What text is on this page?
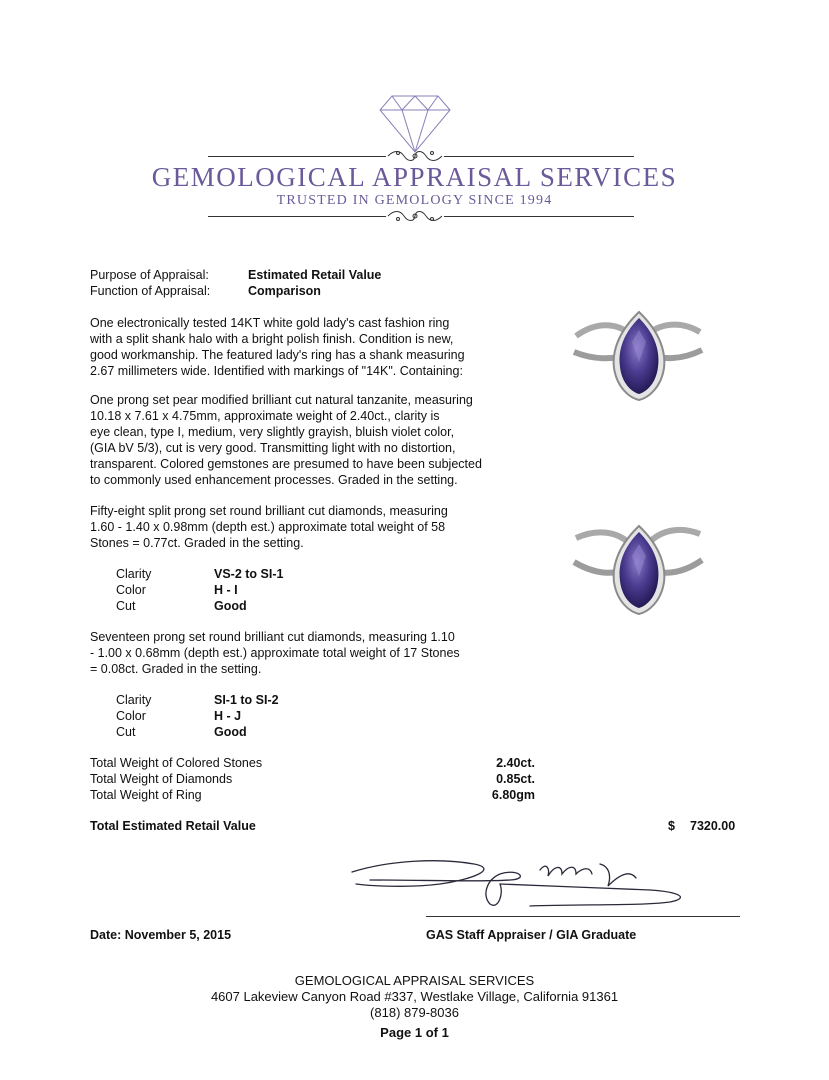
GEMOLOGICAL APPRAISAL SERVICES
TRUSTED IN GEMOLOGY SINCE 1994
Purpose of Appraisal:	Estimated Retail Value
Function of Appraisal:	Comparison
One electronically tested 14KT white gold lady's cast fashion ring
with a split shank halo with a bright polish finish. Condition is new,
good workmanship. The featured lady's ring has a shank measuring
2.67 millimeters wide. Identified with markings of "14K". Containing:
One prong set pear modified brilliant cut natural tanzanite, measuring
10.18 x 7.61 x 4.75mm, approximate weight of 2.40ct., clarity is
eye clean, type I, medium, very slightly grayish, bluish violet color,
(GIA bV 5/3), cut is very good. Transmitting light with no distortion,
transparent. Colored gemstones are presumed to have been subjected
to commonly used enhancement processes. Graded in the setting.
Fifty-eight split prong set round brilliant cut diamonds, measuring
1.60 - 1.40 x 0.98mm (depth est.) approximate total weight of 58
Stones = 0.77ct. Graded in the setting.
Clarity	VS-2 to SI-1
Color	H - I
Cut	Good
Seventeen prong set round brilliant cut diamonds, measuring 1.10
- 1.00 x 0.68mm (depth est.) approximate total weight of 17 Stones
= 0.08ct. Graded in the setting.
Clarity	SI-1 to SI-2
Color	H - J
Cut	Good
Total Weight of Colored Stones	2.40ct.
Total Weight of Diamonds	0.85ct.
Total Weight of Ring	6.80gm
Total Estimated Retail Value	$ 7320.00
Date: November 5, 2015	GAS Staff Appraiser / GIA Graduate
GEMOLOGICAL APPRAISAL SERVICES
4607 Lakeview Canyon Road #337, Westlake Village, California 91361
(818) 879-8036
Page 1 of 1
